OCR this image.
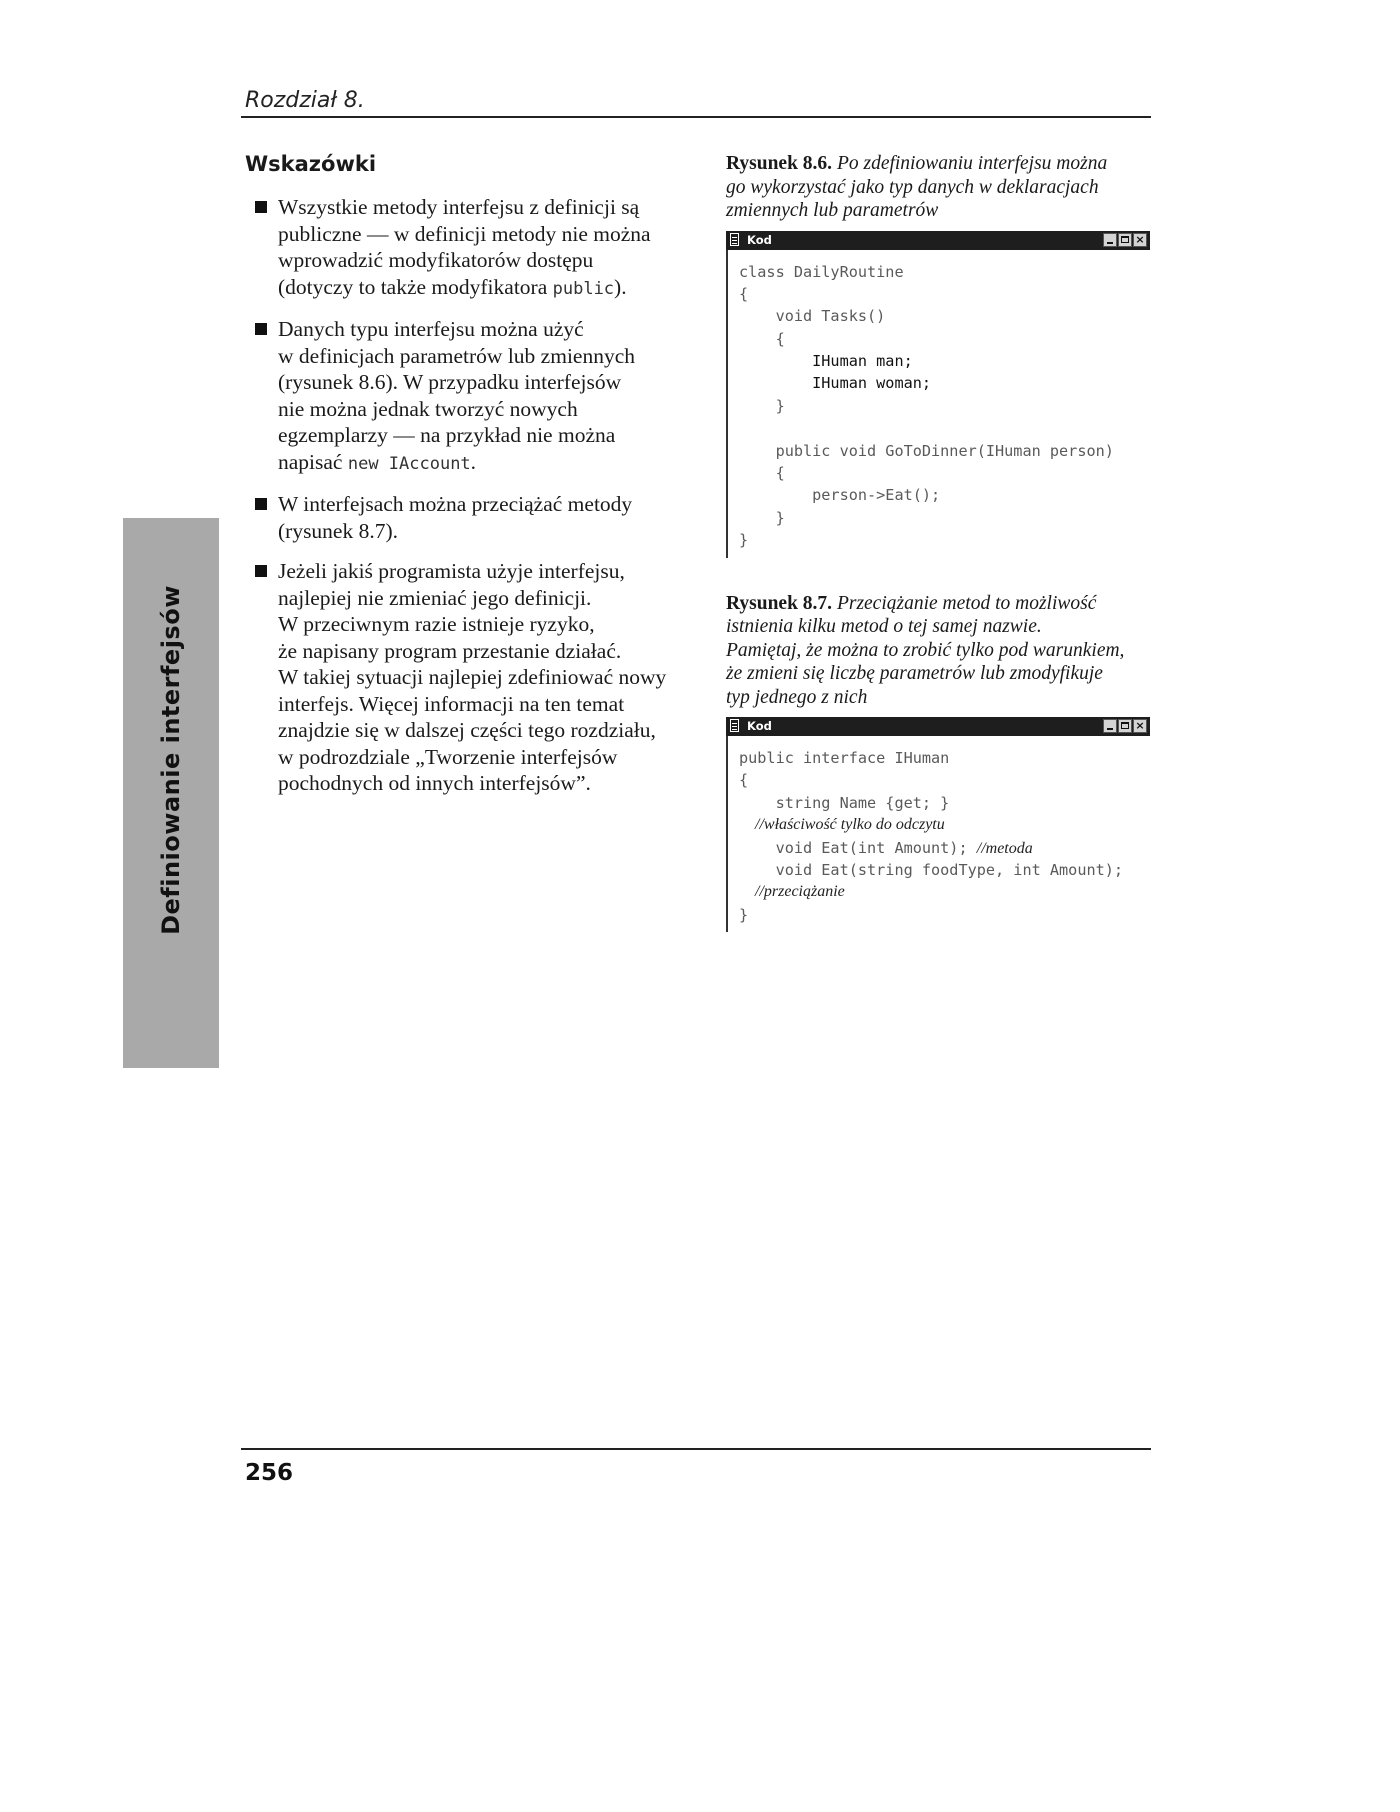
Rozdział 8.
Definiowanie interfejsów
Wskazówki
Wszystkie metody interfejsu z definicji są
publiczne — w definicji metody nie można
wprowadzić modyfikatorów dostępu
(dotyczy to także modyfikatora public).
Danych typu interfejsu można użyć
w definicjach parametrów lub zmiennych
(rysunek 8.6). W przypadku interfejsów
nie można jednak tworzyć nowych
egzemplarzy — na przykład nie można
napisać new IAccount.
W interfejsach można przeciążać metody
(rysunek 8.7).
Jeżeli jakiś programista użyje interfejsu,
najlepiej nie zmieniać jego definicji.
W przeciwnym razie istnieje ryzyko,
że napisany program przestanie działać.
W takiej sytuacji najlepiej zdefiniować nowy
interfejs. Więcej informacji na ten temat
znajdzie się w dalszej części tego rozdziału,
w podrozdziale „Tworzenie interfejsów
pochodnych od innych interfejsów”.

Rysunek 8.6. Po zdefiniowaniu interfejsu można
go wykorzystać jako typ danych w deklaracjach
zmiennych lub parametrów

Kod	×
class DailyRoutine
{
void Tasks()
{
IHuman man;
IHuman woman;
}
public void GoToDinner(IHuman person)
{
person->Eat();
}
}

Rysunek 8.7. Przeciążanie metod to możliwość
istnienia kilku metod o tej samej nazwie.
Pamiętaj, że można to zrobić tylko pod warunkiem,
że zmieni się liczbę parametrów lub zmodyfikuje
typ jednego z nich

Kod	×
public interface IHuman
{
string Name {get; }
//właściwość tylko do odczytu
void Eat(int Amount); //metoda
void Eat(string foodType, int Amount);
//przeciążanie
}
256
